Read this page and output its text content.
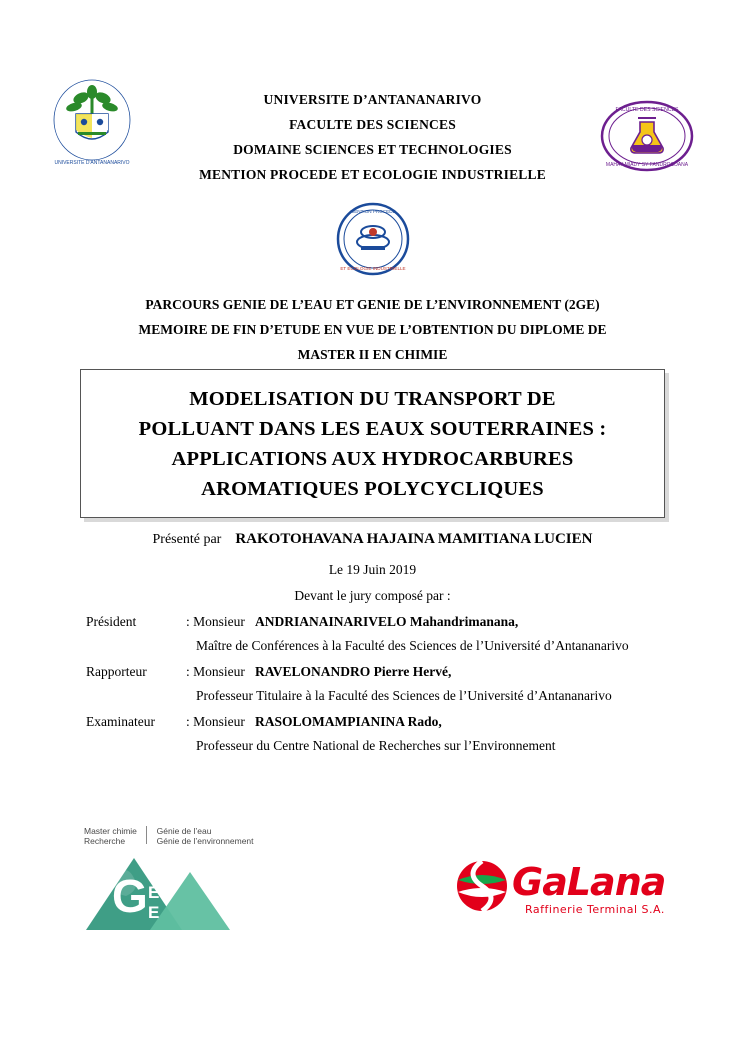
UNIVERSITE D'ANTANANARIVO
FACULTE DES SCIENCES
MAHAY MIADY SY FANDROSOANA
UNIVERSITE D’ANTANANARIVO
FACULTE DES SCIENCES
DOMAINE SCIENCES ET TECHNOLOGIES
MENTION PROCEDE ET ECOLOGIE INDUSTRIELLE
MENTION PROCEDE
ET ECOLOGIE INDUSTRIELLE
PARCOURS GENIE DE L’EAU ET GENIE DE L’ENVIRONNEMENT (2GE)
MEMOIRE DE FIN D’ETUDE EN VUE DE L’OBTENTION DU DIPLOME DE
MASTER II EN CHIMIE
MODELISATION DU TRANSPORT DE
POLLUANT DANS LES EAUX SOUTERRAINES :
APPLICATIONS AUX HYDROCARBURES
AROMATIQUES POLYCYCLIQUES
Présenté par RAKOTOHAVANA HAJAINA MAMITIANA LUCIEN
Le 19 Juin 2019
Devant le jury composé par :
Président	: Monsieur ANDRIANAINARIVELO Mahandrimanana,
Maître de Conférences à la Faculté des Sciences de l’Université d’Antananarivo
Rapporteur	: Monsieur RAVELONANDRO Pierre Hervé,
Professeur Titulaire à la Faculté des Sciences de l’Université d’Antananarivo
Examinateur	: Monsieur RASOLOMAMPIANINA Rado,
Professeur du Centre National de Recherches sur l’Environnement
G E
E
Master chimie
Recherche  Génie de l’eau
Génie de l’environnement
GaLana
Raffinerie Terminal S.A.
